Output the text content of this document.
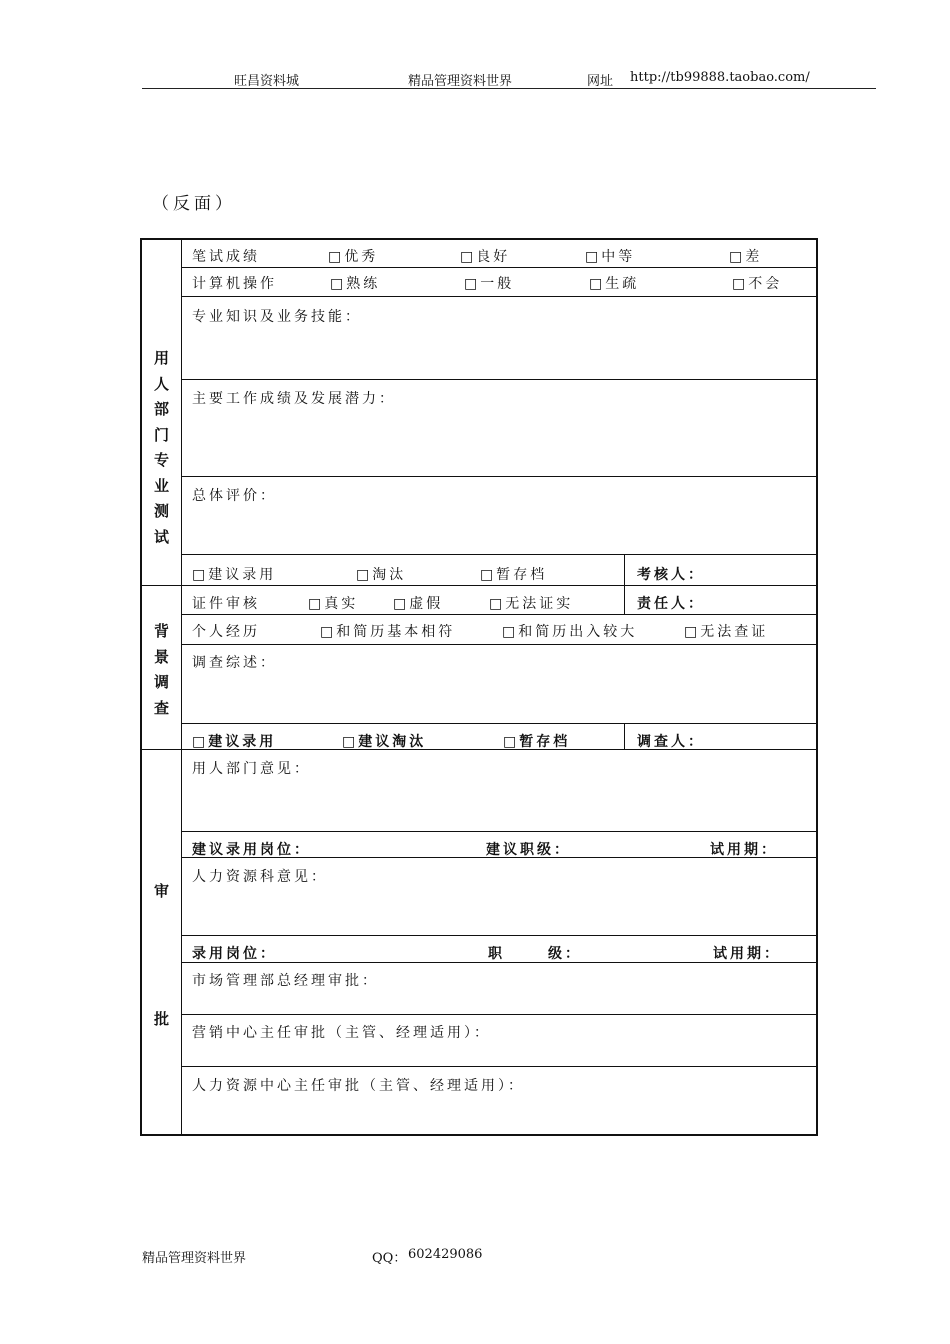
旺昌资料城	精品管理资料世界	网址 http://tb99888.taobao.com/
（反面）
用
人
部
门
专
业
测
试
笔试成绩	□优秀	□良好	□中等	□差
计算机操作	□熟练	□一般	□生疏	□不会
专业知识及业务技能：
主要工作成绩及发展潜力：
总体评价：
□建议录用	□淘汰	□暂存档	考核人：
背
景
调
查
证件审核	□真实 □虚假	□无法证实	责任人：
个人经历	□和简历基本相符	□和简历出入较大	□无法查证
调查综述：
□建议录用	□建议淘汰	□暂存档	调查人：
审
批
用人部门意见：
建议录用岗位：	建议职级：	试用期：
人力资源科意见：
录用岗位：	职	级：	试用期：
市场管理部总经理审批：
营销中心主任审批（主管、经理适用）：
人力资源中心主任审批（主管、经理适用）：
精品管理资料世界	QQ： 602429086
